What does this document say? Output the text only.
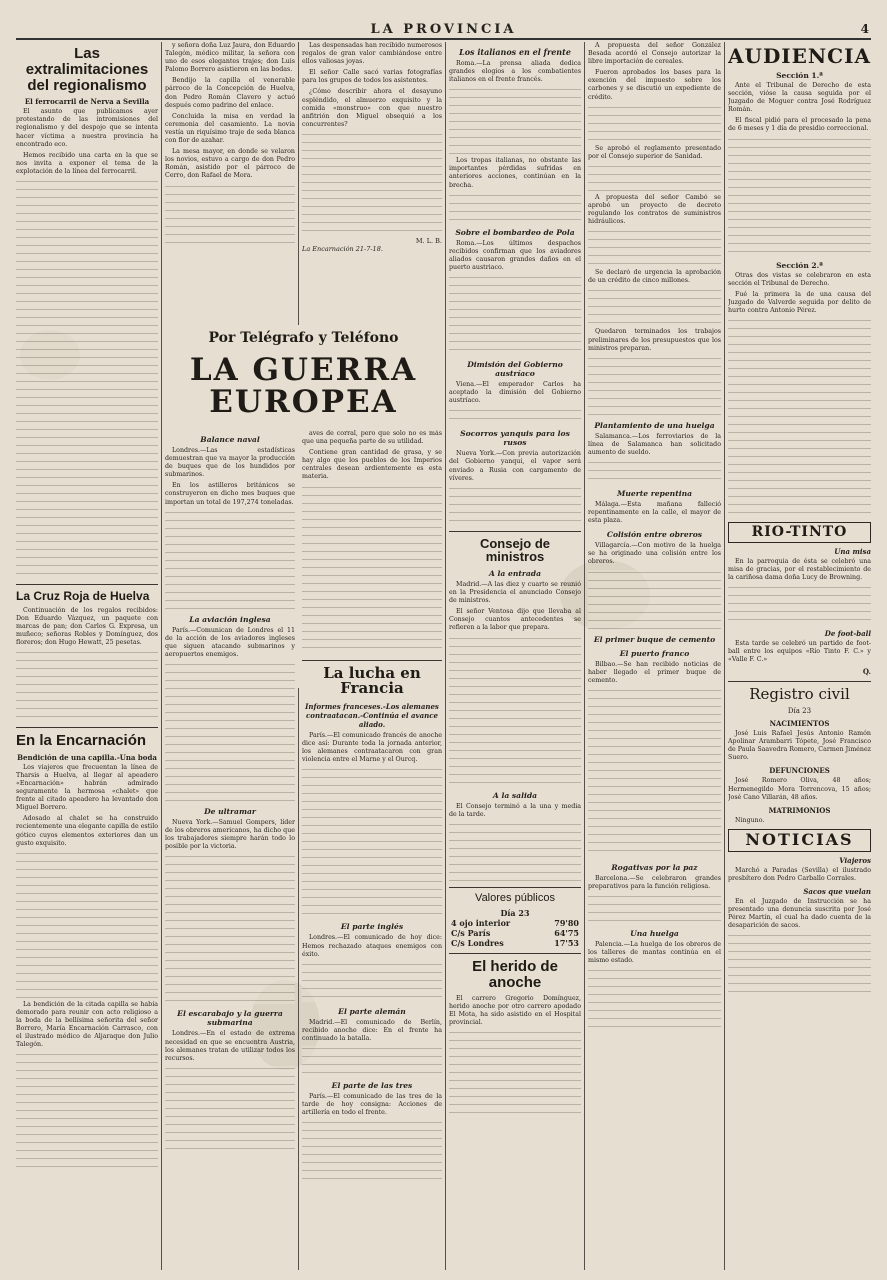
LA PROVINCIA	4
Las extralimitaciones del regionalismo
El ferrocarril de Nerva a Sevilla

El asunto que publicamos ayer protestando de las intromisiones del regionalismo y del despojo que se intenta hacer víctima a nuestra provincia ha encontrado eco.

Hemos recibido una carta en la que se nos invita a exponer el tema de la explotación de la línea del ferrocarril.

La Cruz Roja de Huelva

Continuación de los regalos recibidos: Don Eduardo Vázquez, un paquete con marcas de pan; don Carlos G. Expresa, un muñeco; señoras Robles y Domínguez, dos floreros; don Hugo Hewatt, 25 pesetas.

En la Encarnación
Bendición de una capilla.-Una boda

Los viajeros que frecuentan la línea de Tharsis a Huelva, al llegar al apeadero «Encarnación» habrán admirado seguramente la hermosa «chalet» que frente al citado apeadero ha levantado don Miguel Borrero.

Adosado al chalet se ha construido recientemente una elegante capilla de estilo gótico cuyos elementos exteriores dan un gusto exquisito.

La bendición de la citada capilla se había demorado para reunir con acto religioso a la boda de la bellísima señorita del señor Borrero, María Encarnación Carrasco, con el ilustrado médico de Aljaraque don Julio Talegón.

y señora doña Luz Jaura, don Eduardo Talegón, médico militar, la señora con uno de esos elegantes trajes; don Luis Palomo Borrero asistieron en las bodas.

Bendijo la capilla el venerable párroco de la Concepción de Huelva, don Pedro Román Clavero y actuó después como padrino del enlace.

Concluida la misa en verdad la ceremonia del casamiento. La novia vestía un riquísimo traje de seda blanca con flor de azahar.

La mesa mayor, en donde se velaron los novios, estuvo a cargo de don Pedro Román, asistido por el párroco de Cerro, don Rafael de Mora.

Las despensadas han recibido numerosos regalos de gran valor cambiándose entre ellos valiosas joyas.

El señor Calle sacó varias fotografías para los grupos de todos los asistentes.

¿Cómo describir ahora el desayuno espléndido, el almuerzo exquisito y la comida «monstruo» con que nuestro anfitrión don Miguel obsequió a los concurrentes?

M. L. B.
La Encarnación 21-7-18.
Por Telégrafo y Teléfono
LA GUERRA EUROPEA
Balance naval

Londres.—Las estadísticas demuestran que va mayor la producción de buques que de los hundidos por submarinos.

En los astilleros británicos se construyeron en dicho mes buques que importan un total de 197,274 toneladas.

La aviación inglesa

París.—Comunican de Londres el 11 de la acción de los aviadores ingleses que siguen atacando submarinos y aeropuertos enemigos.

De ultramar

Nueva York.—Samuel Gompers, líder de los obreros americanos, ha dicho que los trabajadores siempre harán todo lo posible por la victoria.

El escarabajo y la guerra submarina

Londres.—En el estado de extrema necesidad en que se encuentra Austria, los alemanes tratan de utilizar todos los recursos.

aves de corral, pero que solo no es más que una pequeña parte de su utilidad.

Contiene gran cantidad de grasa, y se hay algo que los pueblos de los Imperios centrales desean ardientemente es esta materia.

La lucha en Francia
Informes franceses.-Los alemanes contraatacan.-Continúa el avance aliado.

París.—El comunicado francés de anoche dice así: Durante toda la jornada anterior, los alemanes contraatacaron con gran violencia entre el Marne y el Ourcq.

El parte inglés

Londres.—El comunicado de hoy dice: Hemos rechazado ataques enemigos con éxito.

El parte alemán

Madrid.—El comunicado de Berlín, recibido anoche dice: En el frente ha continuado la batalla.

El parte de las tres

París.—El comunicado de las tres de la tarde de hoy consigna: Acciones de artillería en todo el frente.

Los italianos en el frente

Roma.—La prensa aliada dedica grandes elogios a los combatientes italianos en el frente francés.

Los tropas italianas, no obstante las importantes pérdidas sufridas en anteriores acciones, continúan en la brecha.

Sobre el bombardeo de Pola

Roma.—Los últimos despachos recibidos confirman que los aviadores aliados causaron grandes daños en el puerto austriaco.

Dimisión del Gobierno austríaco

Viena.—El emperador Carlos ha aceptado la dimisión del Gobierno austríaco.

Socorros yanquis para los rusos

Nueva York.—Con previa autorización del Gobierno yanqui, el vapor será enviado a Rusia con cargamento de víveres.

Consejo de ministros
A la entrada

Madrid.—A las diez y cuarto se reunió en la Presidencia el anunciado Consejo de ministros.

El señor Ventosa dijo que llevaba al Consejo cuantos antecedentes se refieren a la labor que prepara.

A la salida

El Consejo terminó a la una y media de la tarde.

Valores públicos
Día 23
4 ojo interior	79'80
C/s París	64'75
C/s Londres	17'53
El herido de anoche

El carrero Gregorio Domínguez, herido anoche por otro carrero apodado El Mota, ha sido asistido en el Hospital provincial.

A propuesta del señor González Besada acordó el Consejo autorizar la libre importación de cereales.

Fueron aprobados los bases para la exención del impuesto sobre los carbones y se discutió un expediente de crédito.

Se aprobó el reglamento presentado por el Consejo superior de Sanidad.

A propuesta del señor Cambó se aprobó un proyecto de decreto regulando los contratos de suministros hidráulicos.

Se declaró de urgencia la aprobación de un crédito de cinco millones.

Quedaron terminados los trabajos preliminares de los presupuestos que los ministros preparan.

Plantamiento de una huelga

Salamanca.—Los ferroviarios de la línea de Salamanca han solicitado aumento de sueldo.

Muerte repentina

Málaga.—Esta mañana falleció repentinamente en la calle, el mayor de esta plaza.

Colisión entre obreros

Villagarcía.—Con motivo de la huelga se ha originado una colisión entre los obreros.

El primer buque de cemento
El puerto franco

Bilbao.—Se han recibido noticias de haber llegado el primer buque de cemento.

Rogativas por la paz

Barcelona.—Se celebraron grandes preparativos para la función religiosa.

Una huelga

Palencia.—La huelga de los obreros de los talleres de mantas continúa en el mismo estado.

AUDIENCIA
Sección 1.ª

Ante el Tribunal de Derecho de esta sección, vióse la causa seguida por el Juzgado de Moguer contra José Rodríguez Román.

El fiscal pidió para el procesado la pena de 6 meses y 1 día de presidio correccional.

Sección 2.ª

Otras dos vistas se celebraron en esta sección el Tribunal de Derecho.

Fué la primera la de una causa del Juzgado de Valverde seguida por delito de hurto contra Antonio Pérez.

RIO-TINTO
Una misa

En la parroquia de ésta se celebró una misa de gracias, por el restablecimiento de la cariñosa dama doña Lucy de Browning.

De foot-ball

Esta tarde se celebró un partido de foot-ball entre los equipos «Río Tinto F. C.» y «Valle F. C.»

Q.
Registro civil
Día 23
NACIMIENTOS

José Luis Rafael Jesús Antonio Ramón Apolinar Arambarri Tópete, José Francisco de Paula Saavedra Romero, Carmen Jiménez Suero.

DEFUNCIONES

José Romero Oliva, 48 años; Hermenegildo Mora Torrencova, 15 años; José Cano Villarán, 48 años.

MATRIMONIOS

Ninguno.

NOTICIAS
Viajeros

Marchó a Paradas (Sevilla) el ilustrado presbítero don Pedro Carballo Corrales.

Sacos que vuelan

En el Juzgado de Instrucción se ha presentado una denuncia suscrita por José Pérez Martín, el cual ha dado cuenta de la desaparición de sacos.
